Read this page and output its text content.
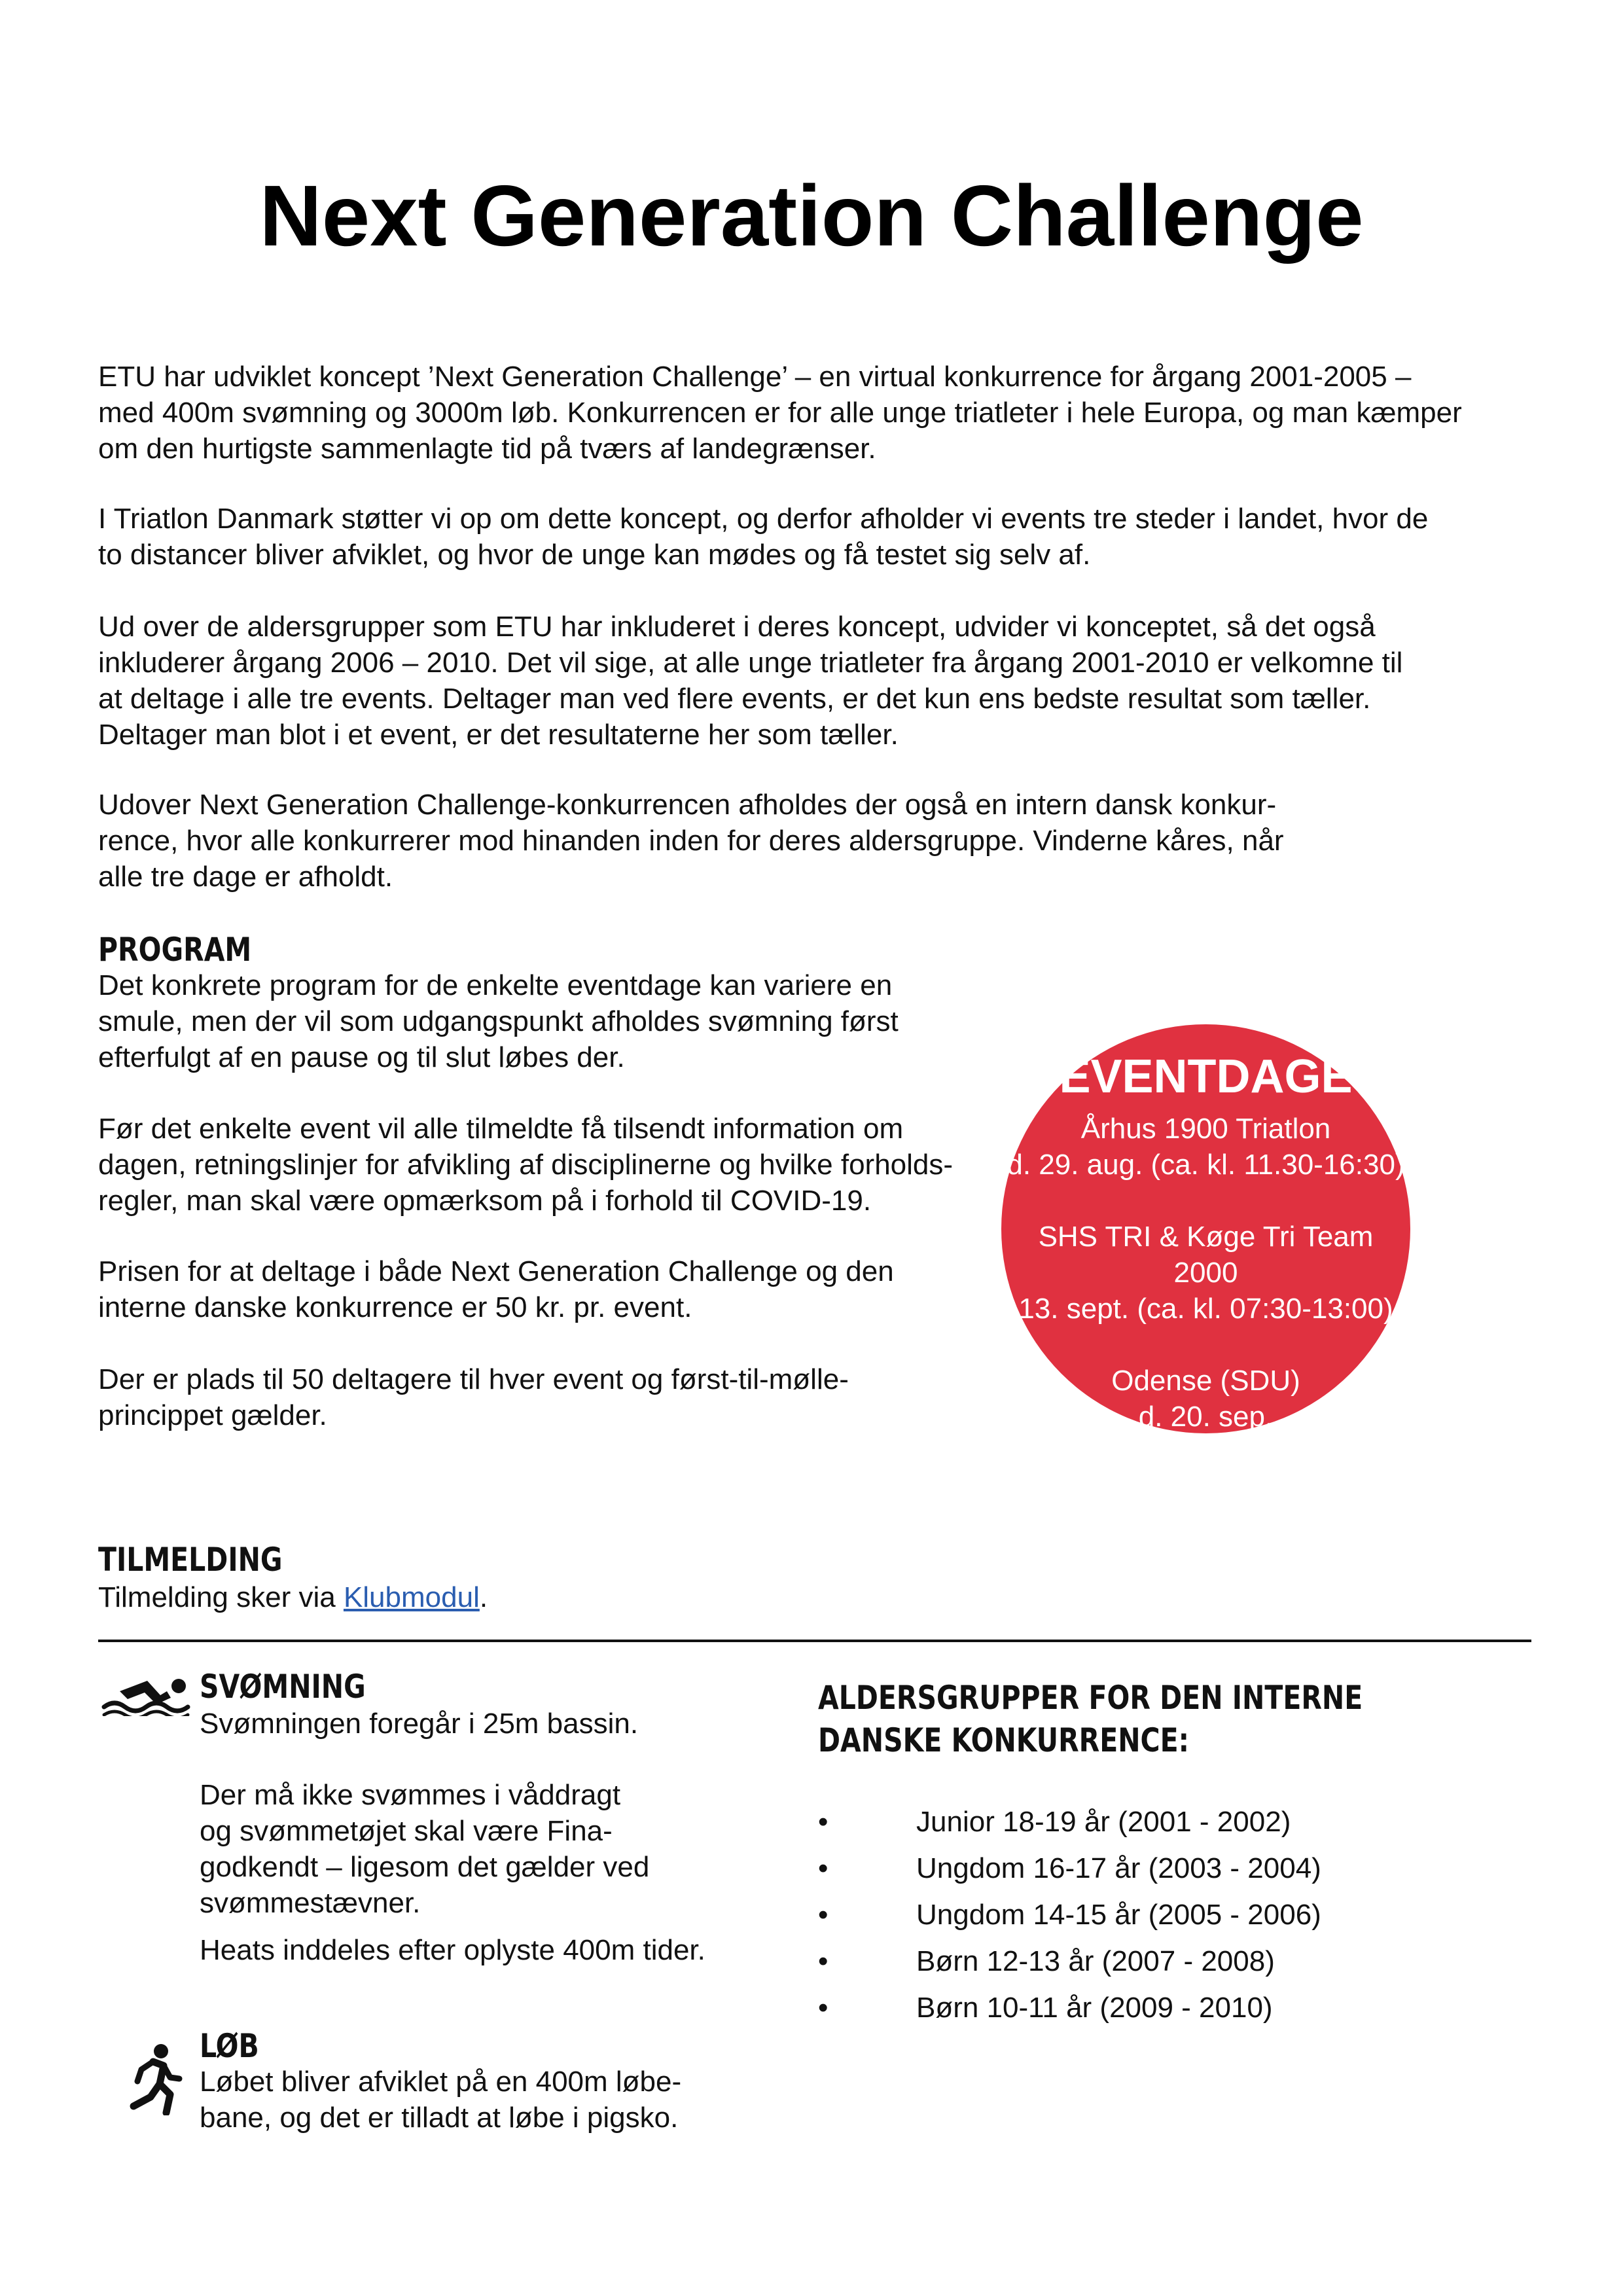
Next Generation Challenge

ETU har udviklet koncept ’Next Generation Challenge’ – en virtual konkurrence for årgang 2001-2005 –
med 400m svømning og 3000m løb. Konkurrencen er for alle unge triatleter i hele Europa, og man kæmper
om den hurtigste sammenlagte tid på tværs af landegrænser.

I Triatlon Danmark støtter vi op om dette koncept, og derfor afholder vi events tre steder i landet, hvor de
to distancer bliver afviklet, og hvor de unge kan mødes og få testet sig selv af.

Ud over de aldersgrupper som ETU har inkluderet i deres koncept, udvider vi konceptet, så det også
inkluderer årgang 2006 – 2010. Det vil sige, at alle unge triatleter fra årgang 2001-2010 er velkomne til
at deltage i alle tre events. Deltager man ved flere events, er det kun ens bedste resultat som tæller.
Deltager man blot i et event, er det resultaterne her som tæller.

Udover Next Generation Challenge-konkurrencen afholdes der også en intern dansk konkur-
rence, hvor alle konkurrerer mod hinanden inden for deres aldersgruppe. Vinderne kåres, når
alle tre dage er afholdt.

PROGRAM

Det konkrete program for de enkelte eventdage kan variere en
smule, men der vil som udgangspunkt afholdes svømning først
efterfulgt af en pause og til slut løbes der.

Før det enkelte event vil alle tilmeldte få tilsendt information om
dagen, retningslinjer for afvikling af disciplinerne og hvilke forholds-
regler, man skal være opmærksom på i forhold til COVID-19.

Prisen for at deltage i både Next Generation Challenge og den
interne danske konkurrence er 50 kr. pr. event.

Der er plads til 50 deltagere til hver event og først-til-mølle-
princippet gælder.

EVENTDAGE
Århus 1900 Triatlon
d. 29. aug. (ca. kl. 11.30-16:30)
SHS TRI & Køge Tri Team
2000
13. sept. (ca. kl. 07:30-13:00)
Odense (SDU)
d. 20. sep.
(ca. kl. 09:30-14:30)
TILMELDING

Tilmelding sker via Klubmodul.

SVØMNING

Svømningen foregår i 25m bassin.

Der må ikke svømmes i våddragt
og svømmetøjet skal være Fina-
godkendt – ligesom det gælder ved
svømmestævner.

Heats inddeles efter oplyste 400m tider.

LØB

Løbet bliver afviklet på en 400m løbe-
bane, og det er tilladt at løbe i pigsko.

ALDERSGRUPPER FOR DEN INTERNE
DANSKE KONKURRENCE:
•	Junior 18-19 år (2001 - 2002)
•	Ungdom 16-17 år (2003 - 2004)
•	Ungdom 14-15 år (2005 - 2006)
•	Børn 12-13 år (2007 - 2008)
•	Børn 10-11 år (2009 - 2010)
